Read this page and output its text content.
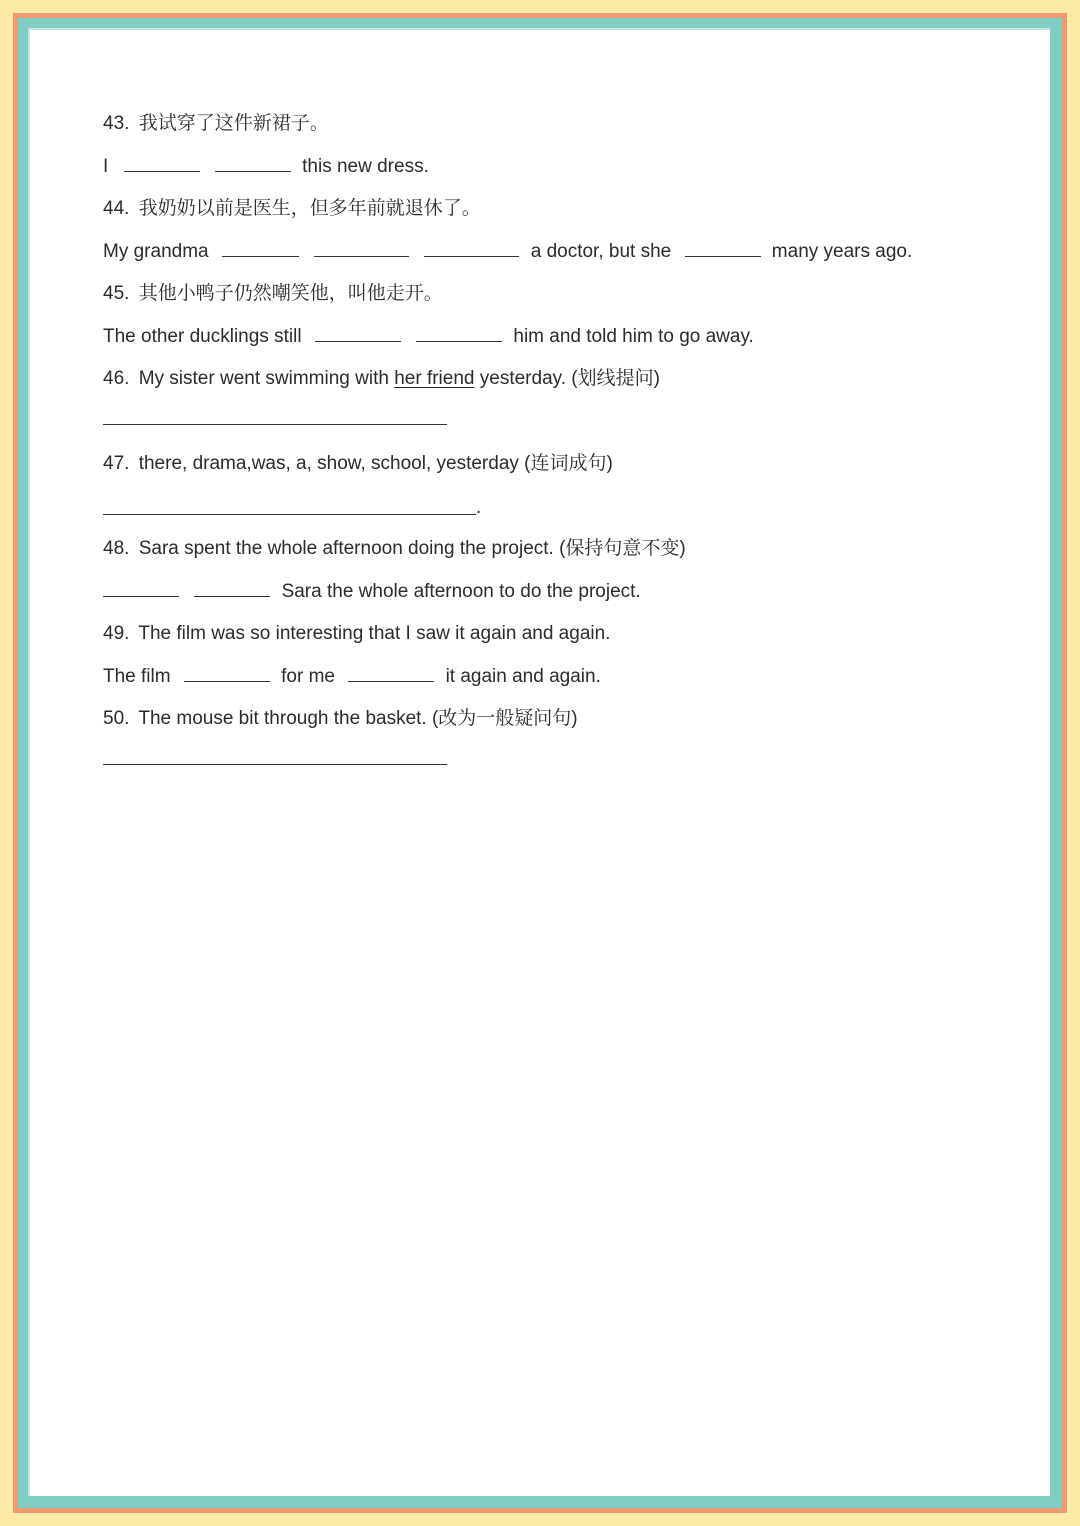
43. 我试穿了这件新裙子。
I	this new dress.
44. 我奶奶以前是医生，但多年前就退休了。
My grandma	a doctor, but she	many years ago.
45. 其他小鸭子仍然嘲笑他，叫他走开。
The other ducklings still	him and told him to go away.
46. My sister went swimming with her friend yesterday. (划线提问)
47. there, drama,was, a, show, school, yesterday (连词成句)
.
48. Sara spent the whole afternoon doing the project. (保持句意不变)
Sara the whole afternoon to do the project.
49. The film was so interesting that I saw it again and again.
The film	for me	it again and again.
50. The mouse bit through the basket. (改为一般疑问句)
